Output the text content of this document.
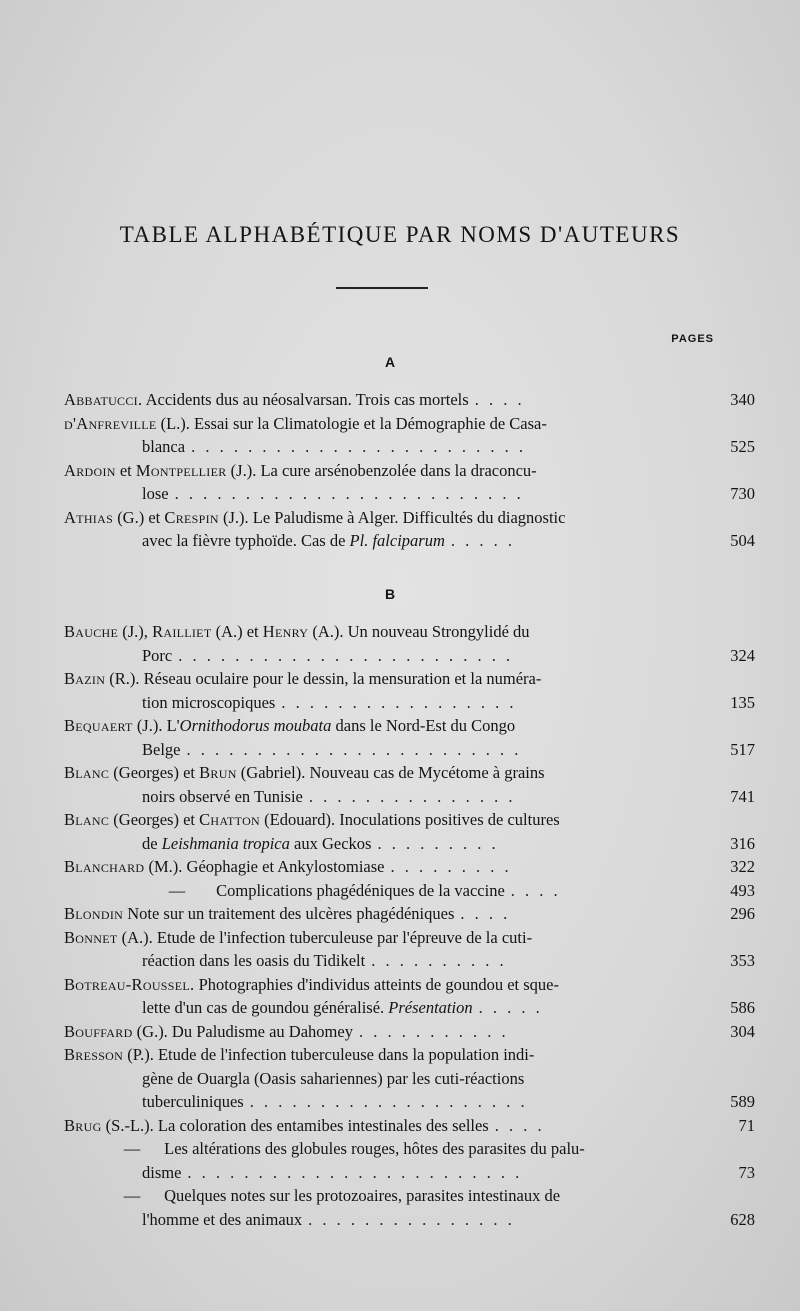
TABLE ALPHABÉTIQUE PAR NOMS D'AUTEURS
PAGES
A
Abbatucci. Accidents dus au néosalvarsan. Trois cas mortels . . . .	340
d'Anfreville (L.). Essai sur la Climatologie et la Démographie de Casa-
blanca . . . . . . . . . . . . . . . . . . . . . . . .	525
Ardoin et Montpellier (J.). La cure arsénobenzolée dans la draconcu-
lose . . . . . . . . . . . . . . . . . . . . . . . . .	730
Athias (G.) et Crespin (J.). Le Paludisme à Alger. Difficultés du diagnostic
avec la fièvre typhoïde. Cas de Pl. falciparum . . . . .	504
B
Bauche (J.), Railliet (A.) et Henry (A.). Un nouveau Strongylidé du
Porc . . . . . . . . . . . . . . . . . . . . . . . .	324
Bazin (R.). Réseau oculaire pour le dessin, la mensuration et la numéra-
tion microscopiques . . . . . . . . . . . . . . . . .	135
Bequaert (J.). L'Ornithodorus moubata dans le Nord-Est du Congo
Belge . . . . . . . . . . . . . . . . . . . . . . . .	517
Blanc (Georges) et Brun (Gabriel). Nouveau cas de Mycétome à grains
noirs observé en Tunisie . . . . . . . . . . . . . . .	741
Blanc (Georges) et Chatton (Edouard). Inoculations positives de cultures
de Leishmania tropica aux Geckos . . . . . . . . .	316
Blanchard (M.). Géophagie et Ankylostomiase . . . . . . . . .	322
— Complications phagédéniques de la vaccine . . . .	493
Blondin Note sur un traitement des ulcères phagédéniques . . . .	296
Bonnet (A.). Etude de l'infection tuberculeuse par l'épreuve de la cuti-
réaction dans les oasis du Tidikelt . . . . . . . . . .	353
Botreau-Roussel. Photographies d'individus atteints de goundou et sque-
lette d'un cas de goundou généralisé. Présentation . . . . .	586
Bouffard (G.). Du Paludisme au Dahomey . . . . . . . . . . .	304
Bresson (P.). Etude de l'infection tuberculeuse dans la population indi-
gène de Ouargla (Oasis sahariennes) par les cuti-réactions
tuberculiniques . . . . . . . . . . . . . . . . . . . .	589
Brug (S.-L.). La coloration des entamibes intestinales des selles . . . .	71
— Les altérations des globules rouges, hôtes des parasites du palu-
disme . . . . . . . . . . . . . . . . . . . . . . . .	73
— Quelques notes sur les protozoaires, parasites intestinaux de
l'homme et des animaux . . . . . . . . . . . . . . .	628
